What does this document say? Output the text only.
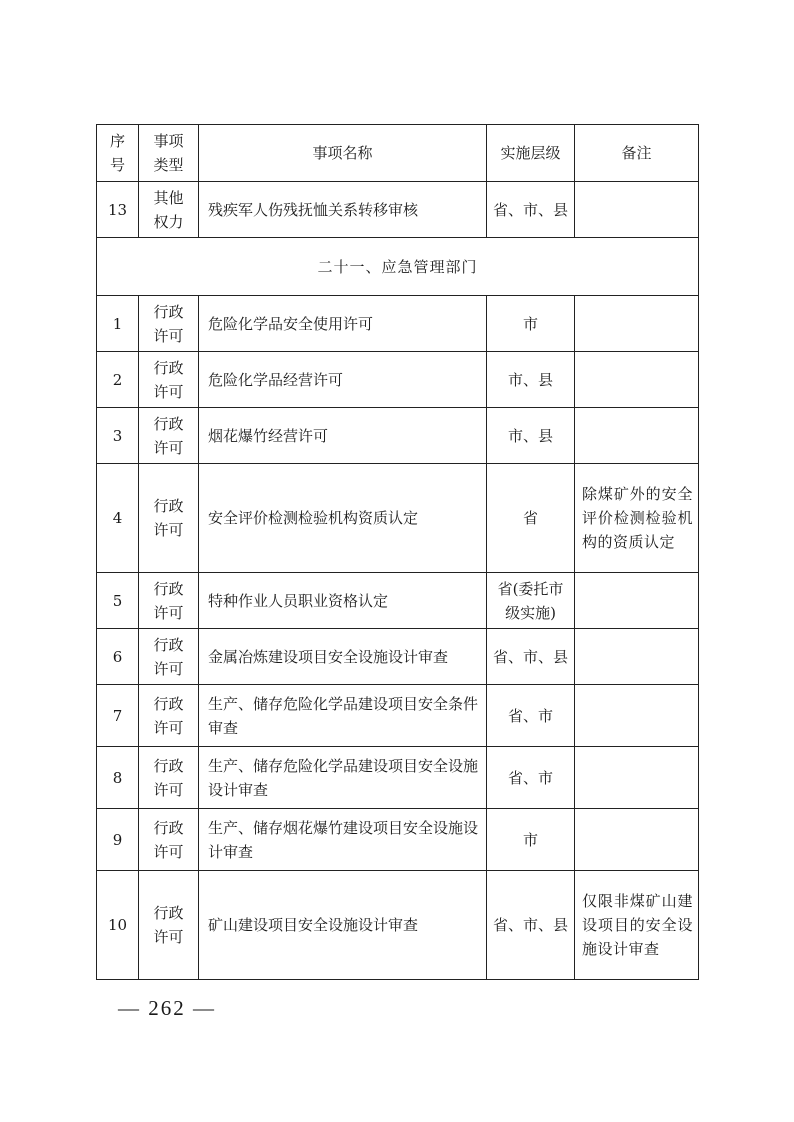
序号	事项类型	事项名称	实施层级	备注
13	其他权力	残疾军人伤残抚恤关系转移审核	省、市、县	
二十一、应急管理部门				
1	行政许可	危险化学品安全使用许可	市	
2	行政许可	危险化学品经营许可	市、县	
3	行政许可	烟花爆竹经营许可	市、县	
4	行政许可	安全评价检测检验机构资质认定	省	除煤矿外的安全评价检测检验机构的资质认定
5	行政许可	特种作业人员职业资格认定	省(委托市级实施)	
6	行政许可	金属冶炼建设项目安全设施设计审查	省、市、县	
7	行政许可	生产、储存危险化学品建设项目安全条件审查	省、市	
8	行政许可	生产、储存危险化学品建设项目安全设施设计审查	省、市	
9	行政许可	生产、储存烟花爆竹建设项目安全设施设计审查	市	
10	行政许可	矿山建设项目安全设施设计审查	省、市、县	仅限非煤矿山建设项目的安全设施设计审查
— 262 —
